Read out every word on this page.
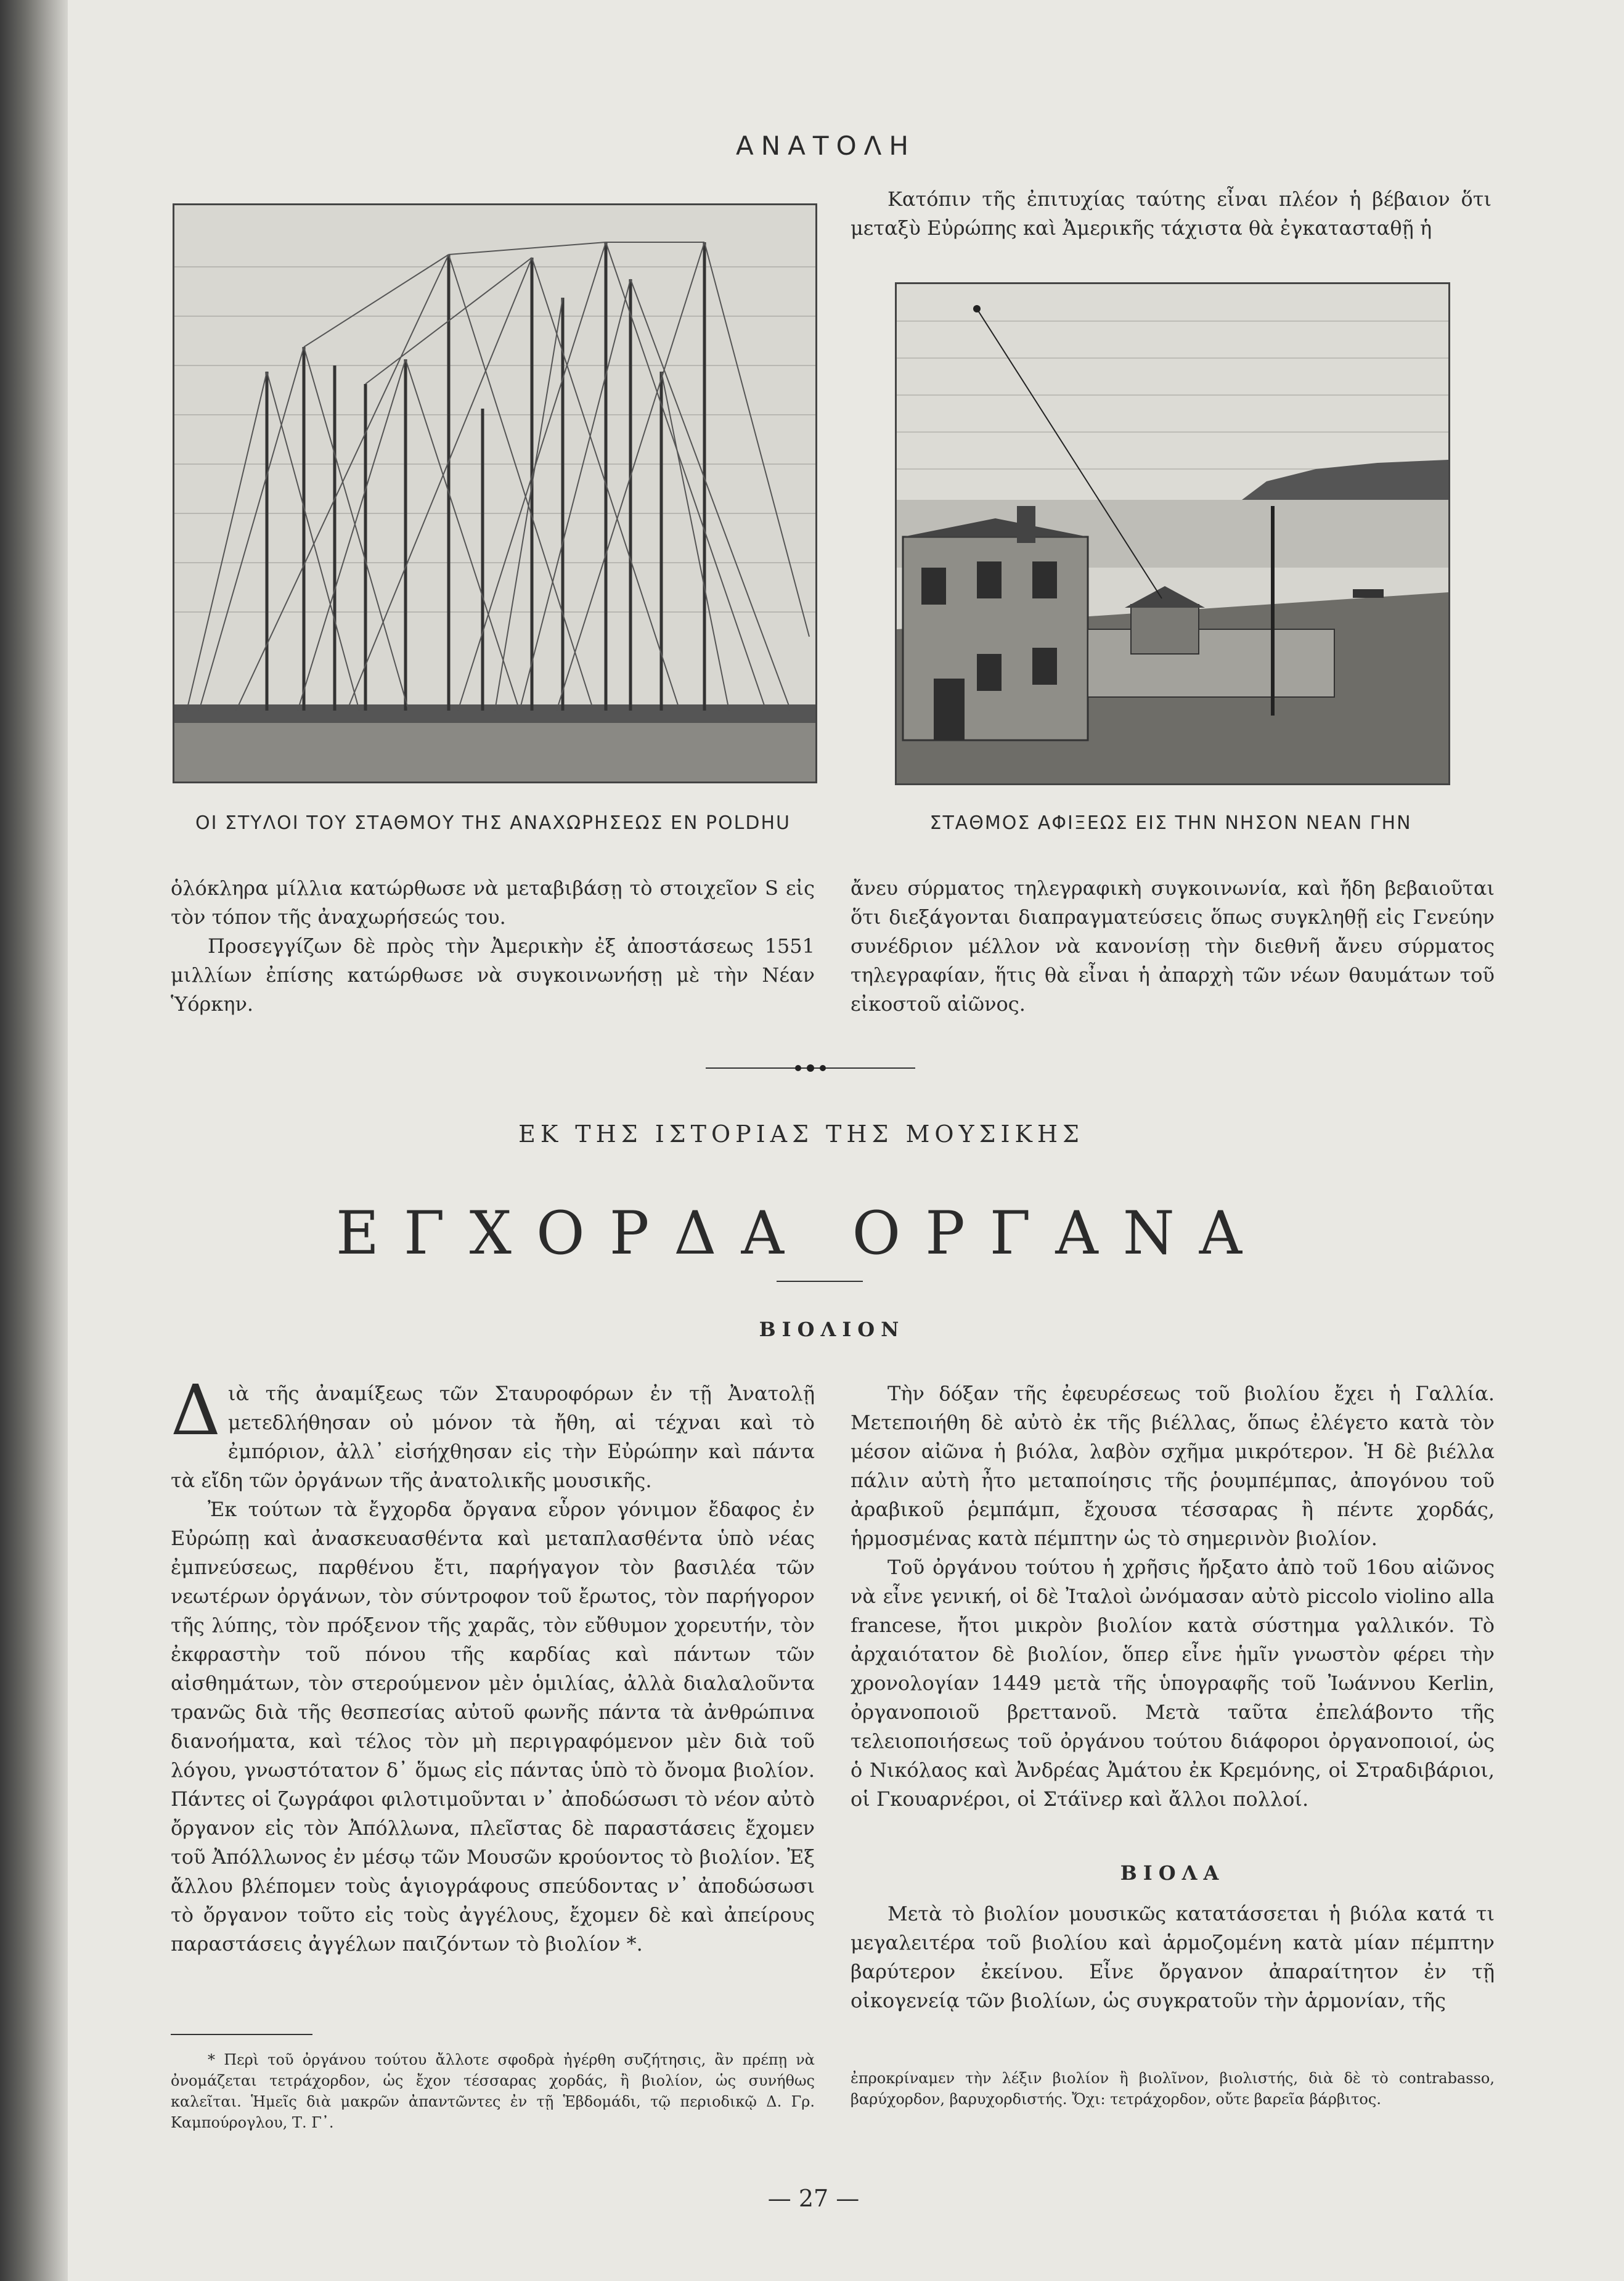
ΑΝΑΤΟΛΗ
ΟΙ ΣΤΥΛΟΙ ΤΟΥ ΣΤΑΘΜΟΥ ΤΗΣ ΑΝΑΧΩΡΗΣΕΩΣ ΕΝ POLDHU	ΣΤΑΘΜΟΣ ΑΦΙΞΕΩΣ ΕΙΣ ΤΗΝ ΝΗΣΟΝ ΝΕΑΝ ΓΗΝ

Κατόπιν τῆς ἐπιτυχίας ταύτης εἶναι πλέον ἡ βέβαιον ὅτι μεταξὺ Εὐρώπης καὶ Ἀμερικῆς τάχιστα θὰ ἐγκατασταθῇ ἡ

ὁλόκληρα μίλλια κατώρθωσε νὰ μεταβιβάσῃ τὸ στοιχεῖον S εἰς τὸν τόπον τῆς ἀναχωρήσεώς του.

Προσεγγίζων δὲ πρὸς τὴν Ἀμερικὴν ἐξ ἀποστάσεως 1551 μιλλίων ἐπίσης κατώρθωσε νὰ συγκοινωνήσῃ μὲ τὴν Νέαν Ὑόρκην.

ἄνευ σύρματος τηλεγραφικὴ συγκοινωνία, καὶ ἤδη βεβαιοῦται ὅτι διεξάγονται διαπραγματεύσεις ὅπως συγκληθῇ εἰς Γενεύην συνέδριον μέλλον νὰ κανονίσῃ τὴν διεθνῆ ἄνευ σύρματος τηλεγραφίαν, ἥτις θὰ εἶναι ἡ ἀπαρχὴ τῶν νέων θαυμάτων τοῦ εἰκοστοῦ αἰῶνος.

ΕΚ ΤΗΣ ΙΣΤΟΡΙΑΣ ΤΗΣ ΜΟΥΣΙΚΗΣ
ΕΓΧΟΡΔΑ ΟΡΓΑΝΑ
ΒΙΟΛΙΟΝ

Διὰ τῆς ἀναμίξεως τῶν Σταυροφόρων ἐν τῇ Ἀνατολῇ μετεδλήθησαν οὐ μόνον τὰ ἤθη, αἱ τέχναι καὶ τὸ ἐμπόριον, ἀλλ᾽ εἰσήχθησαν εἰς τὴν Εὐρώπην καὶ πάντα τὰ εἴδη τῶν ὀργάνων τῆς ἀνατολικῆς μουσικῆς.

Ἐκ τούτων τὰ ἔγχορδα ὄργανα εὗρον γόνιμον ἔδαφος ἐν Εὐρώπῃ καὶ ἀνασκευασθέντα καὶ μεταπλασθέντα ὑπὸ νέας ἐμπνεύσεως, παρθένου ἔτι, παρήγαγον τὸν βασιλέα τῶν νεωτέρων ὀργάνων, τὸν σύντροφον τοῦ ἔρωτος, τὸν παρήγορον τῆς λύπης, τὸν πρόξενον τῆς χαρᾶς, τὸν εὔθυμον χορευτήν, τὸν ἐκφραστὴν τοῦ πόνου τῆς καρδίας καὶ πάντων τῶν αἰσθημάτων, τὸν στερούμενον μὲν ὁμιλίας, ἀλλὰ διαλαλοῦντα τρανῶς διὰ τῆς θεσπεσίας αὐτοῦ φωνῆς πάντα τὰ ἀνθρώπινα διανοήματα, καὶ τέλος τὸν μὴ περιγραφόμενον μὲν διὰ τοῦ λόγου, γνωστότατον δ᾽ ὅμως εἰς πάντας ὑπὸ τὸ ὄνομα βιολίον. Πάντες οἱ ζωγράφοι φιλοτιμοῦνται ν᾽ ἀποδώσωσι τὸ νέον αὐτὸ ὄργανον εἰς τὸν Ἀπόλλωνα, πλεῖστας δὲ παραστάσεις ἔχομεν τοῦ Ἀπόλλωνος ἐν μέσῳ τῶν Μουσῶν κρούοντος τὸ βιολίον. Ἐξ ἄλλου βλέπομεν τοὺς ἁγιογράφους σπεύδοντας ν᾽ ἀποδώσωσι τὸ ὄργανον τοῦτο εἰς τοὺς ἀγγέλους, ἔχομεν δὲ καὶ ἀπείρους παραστάσεις ἀγγέλων παιζόντων τὸ βιολίον *.

Τὴν δόξαν τῆς ἐφευρέσεως τοῦ βιολίου ἔχει ἡ Γαλλία. Μετεποιήθη δὲ αὐτὸ ἐκ τῆς βιέλλας, ὅπως ἐλέγετο κατὰ τὸν μέσον αἰῶνα ἡ βιόλα, λαβὸν σχῆμα μικρότερον. Ἡ δὲ βιέλλα πάλιν αὐτὴ ἦτο μεταποίησις τῆς ῥουμπέμπας, ἀπογόνου τοῦ ἀραβικοῦ ῥεμπάμπ, ἔχουσα τέσσαρας ἢ πέντε χορδάς, ἡρμοσμένας κατὰ πέμπτην ὡς τὸ σημερινὸν βιολίον.

Τοῦ ὀργάνου τούτου ἡ χρῆσις ἤρξατο ἀπὸ τοῦ 16ου αἰῶνος νὰ εἶνε γενική, οἱ δὲ Ἰταλοὶ ὠνόμασαν αὐτὸ piccolo violino alla francese, ἤτοι μικρὸν βιολίον κατὰ σύστημα γαλλικόν. Τὸ ἀρχαιότατον δὲ βιολίον, ὅπερ εἶνε ἡμῖν γνωστὸν φέρει τὴν χρονολογίαν 1449 μετὰ τῆς ὑπογραφῆς τοῦ Ἰωάννου Kerlin, ὀργανοποιοῦ βρεττανοῦ. Μετὰ ταῦτα ἐπελάβοντο τῆς τελειοποιήσεως τοῦ ὀργάνου τούτου διάφοροι ὀργανοποιοί, ὡς ὁ Νικόλαος καὶ Ἀνδρέας Ἀμάτου ἐκ Κρεμόνης, οἱ Στραδιβάριοι, οἱ Γκουαρνέροι, οἱ Στάϊνερ καὶ ἄλλοι πολλοί.

ΒΙΟΛΑ

Μετὰ τὸ βιολίον μουσικῶς κατατάσσεται ἡ βιόλα κατά τι μεγαλειτέρα τοῦ βιολίου καὶ ἁρμοζομένη κατὰ μίαν πέμπτην βαρύτερον ἐκείνου. Εἶνε ὄργανον ἀπαραίτητον ἐν τῇ οἰκογενείᾳ τῶν βιολίων, ὡς συγκρατοῦν τὴν ἁρμονίαν, τῆς

* Περὶ τοῦ ὀργάνου τούτου ἄλλοτε σφοδρὰ ἠγέρθη συζήτησις, ἂν πρέπῃ νὰ ὀνομάζεται τετράχορδον, ὡς ἔχον τέσσαρας χορδάς, ἢ βιολίον, ὡς συνήθως καλεῖται. Ἡμεῖς διὰ μακρῶν ἀπαντῶντες ἐν τῇ Ἑβδομάδι, τῷ περιοδικῷ Δ. Γρ. Καμπούρογλου, Τ. Γ᾽.

ἐπροκρίναμεν τὴν λέξιν βιολίον ἢ βιολῖνον, βιολιστής, διὰ δὲ τὸ contrabasso, βαρύχορδον, βαρυχορδιστής. Ὄχι: τετράχορδον, οὔτε βαρεῖα βάρβιτος.

— 27 —
